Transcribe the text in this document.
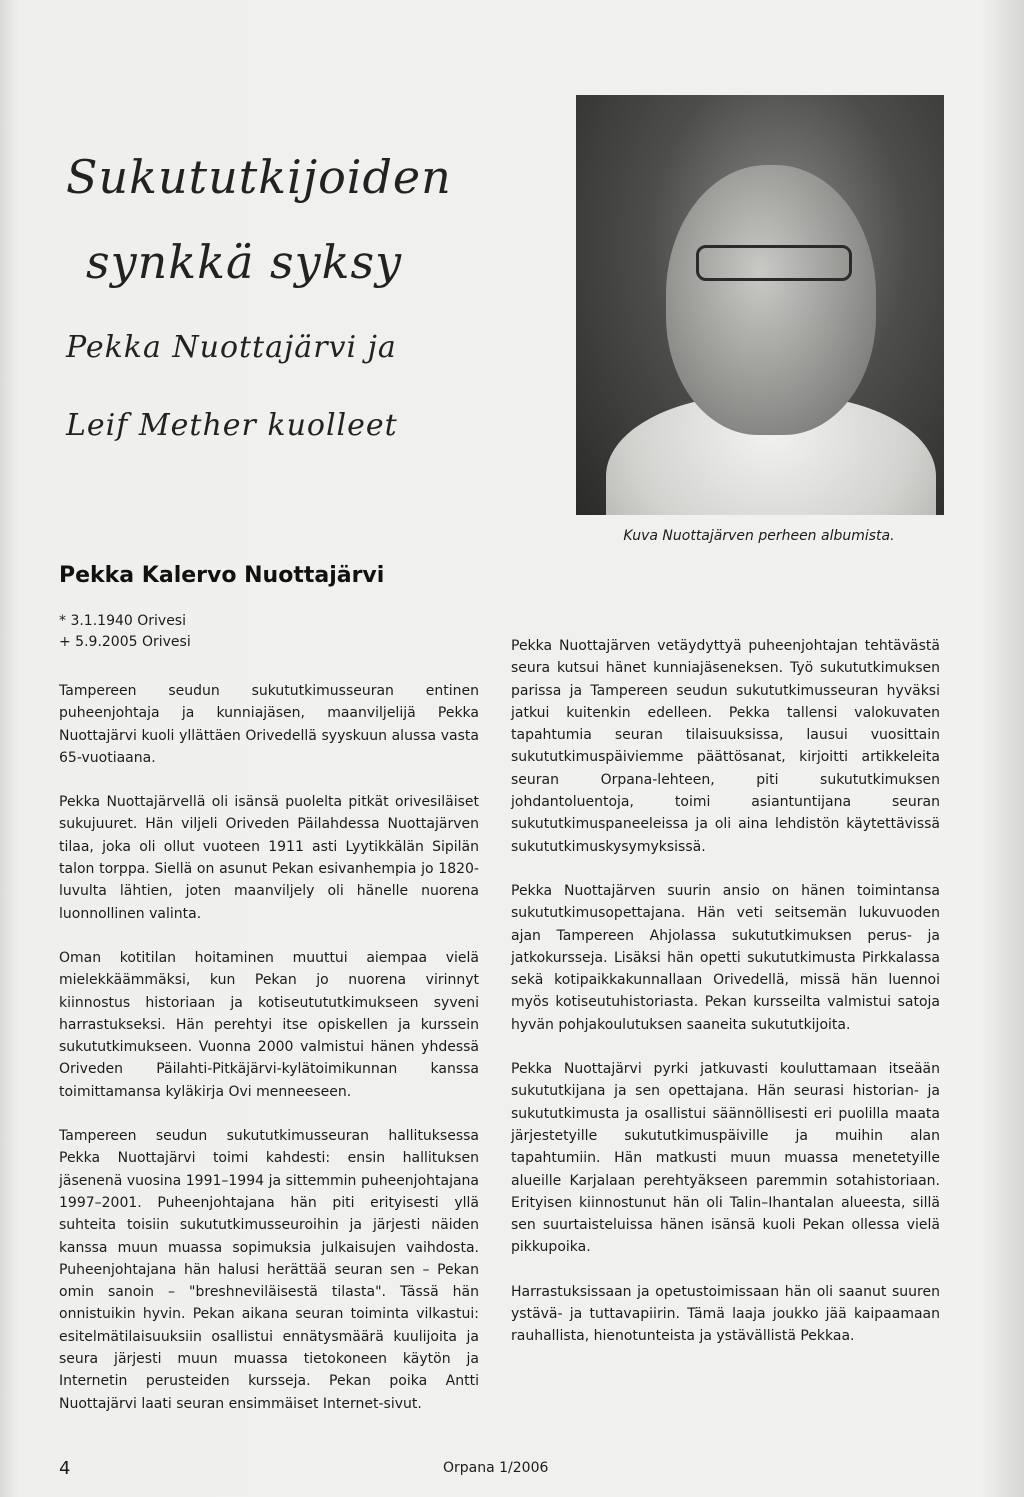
Sukututkijoiden
synkkä syksy
Pekka Nuottajärvi ja
Leif Mether kuolleet
Kuva Nuottajärven perheen albumista.
Pekka Kalervo Nuottajärvi
* 3.1.1940 Orivesi
+ 5.9.2005 Orivesi

Tampereen seudun sukututkimusseuran entinen puheenjohtaja ja kunniajäsen, maanviljelijä Pekka Nuottajärvi kuoli yllättäen Orivedellä syyskuun alussa vasta 65-vuotiaana.

Pekka Nuottajärvellä oli isänsä puolelta pitkät orivesiläiset sukujuuret. Hän viljeli Oriveden Päilahdessa Nuottajärven tilaa, joka oli ollut vuoteen 1911 asti Lyytikkälän Sipilän talon torppa. Siellä on asunut Pekan esivanhempia jo 1820-luvulta lähtien, joten maanviljely oli hänelle nuorena luonnollinen valinta.

Oman kotitilan hoitaminen muuttui aiempaa vielä mielekkäämmäksi, kun Pekan jo nuorena virinnyt kiinnostus historiaan ja kotiseutututkimukseen syveni harrastukseksi. Hän perehtyi itse opiskellen ja kurssein sukututkimukseen. Vuonna 2000 valmistui hänen yhdessä Oriveden Päilahti-Pitkäjärvi-kylätoimikunnan kanssa toimittamansa kyläkirja Ovi menneeseen.

Tampereen seudun sukututkimusseuran hallituksessa Pekka Nuottajärvi toimi kahdesti: ensin hallituksen jäsenenä vuosina 1991–1994 ja sittemmin puheenjohtajana 1997–2001. Puheenjohtajana hän piti erityisesti yllä suhteita toisiin sukututkimusseuroihin ja järjesti näiden kanssa muun muassa sopimuksia julkaisujen vaihdosta. Puheenjohtajana hän halusi herättää seuran sen – Pekan omin sanoin – "breshneviläisestä tilasta". Tässä hän onnistuikin hyvin. Pekan aikana seuran toiminta vilkastui: esitelmätilaisuuksiin osallistui ennätysmäärä kuulijoita ja seura järjesti muun muassa tietokoneen käytön ja Internetin perusteiden kursseja. Pekan poika Antti Nuottajärvi laati seuran ensimmäiset Internet-sivut.

Pekka Nuottajärven vetäydyttyä puheenjohtajan tehtävästä seura kutsui hänet kunniajäseneksen. Työ sukututkimuksen parissa ja Tampereen seudun sukututkimusseuran hyväksi jatkui kuitenkin edelleen. Pekka tallensi valokuvaten tapahtumia seuran tilaisuuksissa, lausui vuosittain sukututkimuspäiviemme päättösanat, kirjoitti artikkeleita seuran Orpana-lehteen, piti sukututkimuksen johdantoluentoja, toimi asiantuntijana seuran sukututkimuspaneeleissa ja oli aina lehdistön käytettävissä sukututkimuskysymyksissä.

Pekka Nuottajärven suurin ansio on hänen toimintansa sukututkimusopettajana. Hän veti seitsemän lukuvuoden ajan Tampereen Ahjolassa sukututkimuksen perus- ja jatkokursseja. Lisäksi hän opetti sukututkimusta Pirkkalassa sekä kotipaikkakunnallaan Orivedellä, missä hän luennoi myös kotiseutuhistoriasta. Pekan kursseilta valmistui satoja hyvän pohjakoulutuksen saaneita sukututkijoita.

Pekka Nuottajärvi pyrki jatkuvasti kouluttamaan itseään sukututkijana ja sen opettajana. Hän seurasi historian- ja sukututkimusta ja osallistui säännöllisesti eri puolilla maata järjestetyille sukututkimuspäiville ja muihin alan tapahtumiin. Hän matkusti muun muassa menetetyille alueille Karjalaan perehtyäkseen paremmin sotahistoriaan. Erityisen kiinnostunut hän oli Talin–Ihantalan alueesta, sillä sen suurtaisteluissa hänen isänsä kuoli Pekan ollessa vielä pikkupoika.

Harrastuksissaan ja opetustoimissaan hän oli saanut suuren ystävä- ja tuttavapiirin. Tämä laaja joukko jää kaipaamaan rauhallista, hienotunteista ja ystävällistä Pekkaa.

4	Orpana 1/2006
